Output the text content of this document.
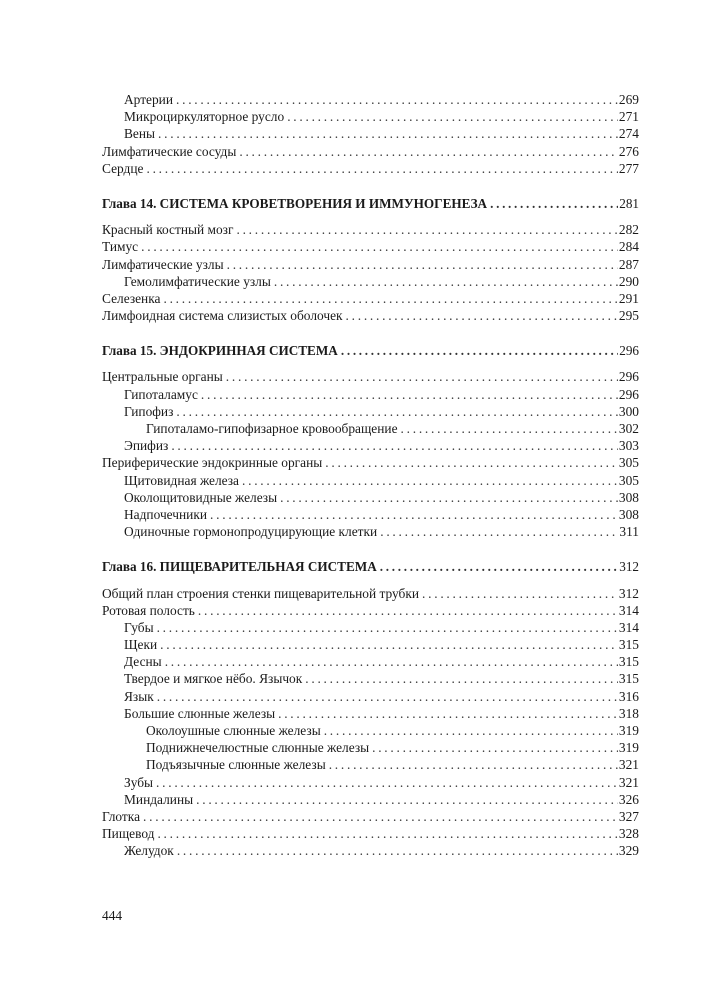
Артерии . . .	269
Микроциркуляторное русло . . .	271
Вены . . .	274
Лимфатические сосуды . . .	276
Сердце . . .	277
Глава 14. СИСТЕМА КРОВЕТВОРЕНИЯ И ИММУНОГЕНЕЗА . . .	281
Красный костный мозг . . .	282
Тимус . . .	284
Лимфатические узлы . . .	287
Гемолимфатические узлы . . .	290
Селезенка . . .	291
Лимфоидная система слизистых оболочек . . .	295
Глава 15. ЭНДОКРИННАЯ СИСТЕМА . . .	296
Центральные органы . . .	296
Гипоталамус . . .	296
Гипофиз . . .	300
Гипоталамо-гипофизарное кровообращение . . .	302
Эпифиз . . .	303
Периферические эндокринные органы . . .	305
Щитовидная железа . . .	305
Околощитовидные железы . . .	308
Надпочечники . . .	308
Одиночные гормонопродуцирующие клетки . . .	311
Глава 16. ПИЩЕВАРИТЕЛЬНАЯ СИСТЕМА . . .	312
Общий план строения стенки пищеварительной трубки . . .	312
Ротовая полость . . .	314
Губы . . .	314
Щеки . . .	315
Десны . . .	315
Твердое и мягкое нёбо. Язычок . . .	315
Язык . . .	316
Большие слюнные железы . . .	318
Околоушные слюнные железы . . .	319
Поднижнечелюстные слюнные железы . . .	319
Подъязычные слюнные железы . . .	321
Зубы . . .	321
Миндалины . . .	326
Глотка . . .	327
Пищевод . . .	328
Желудок . . .	329
444
